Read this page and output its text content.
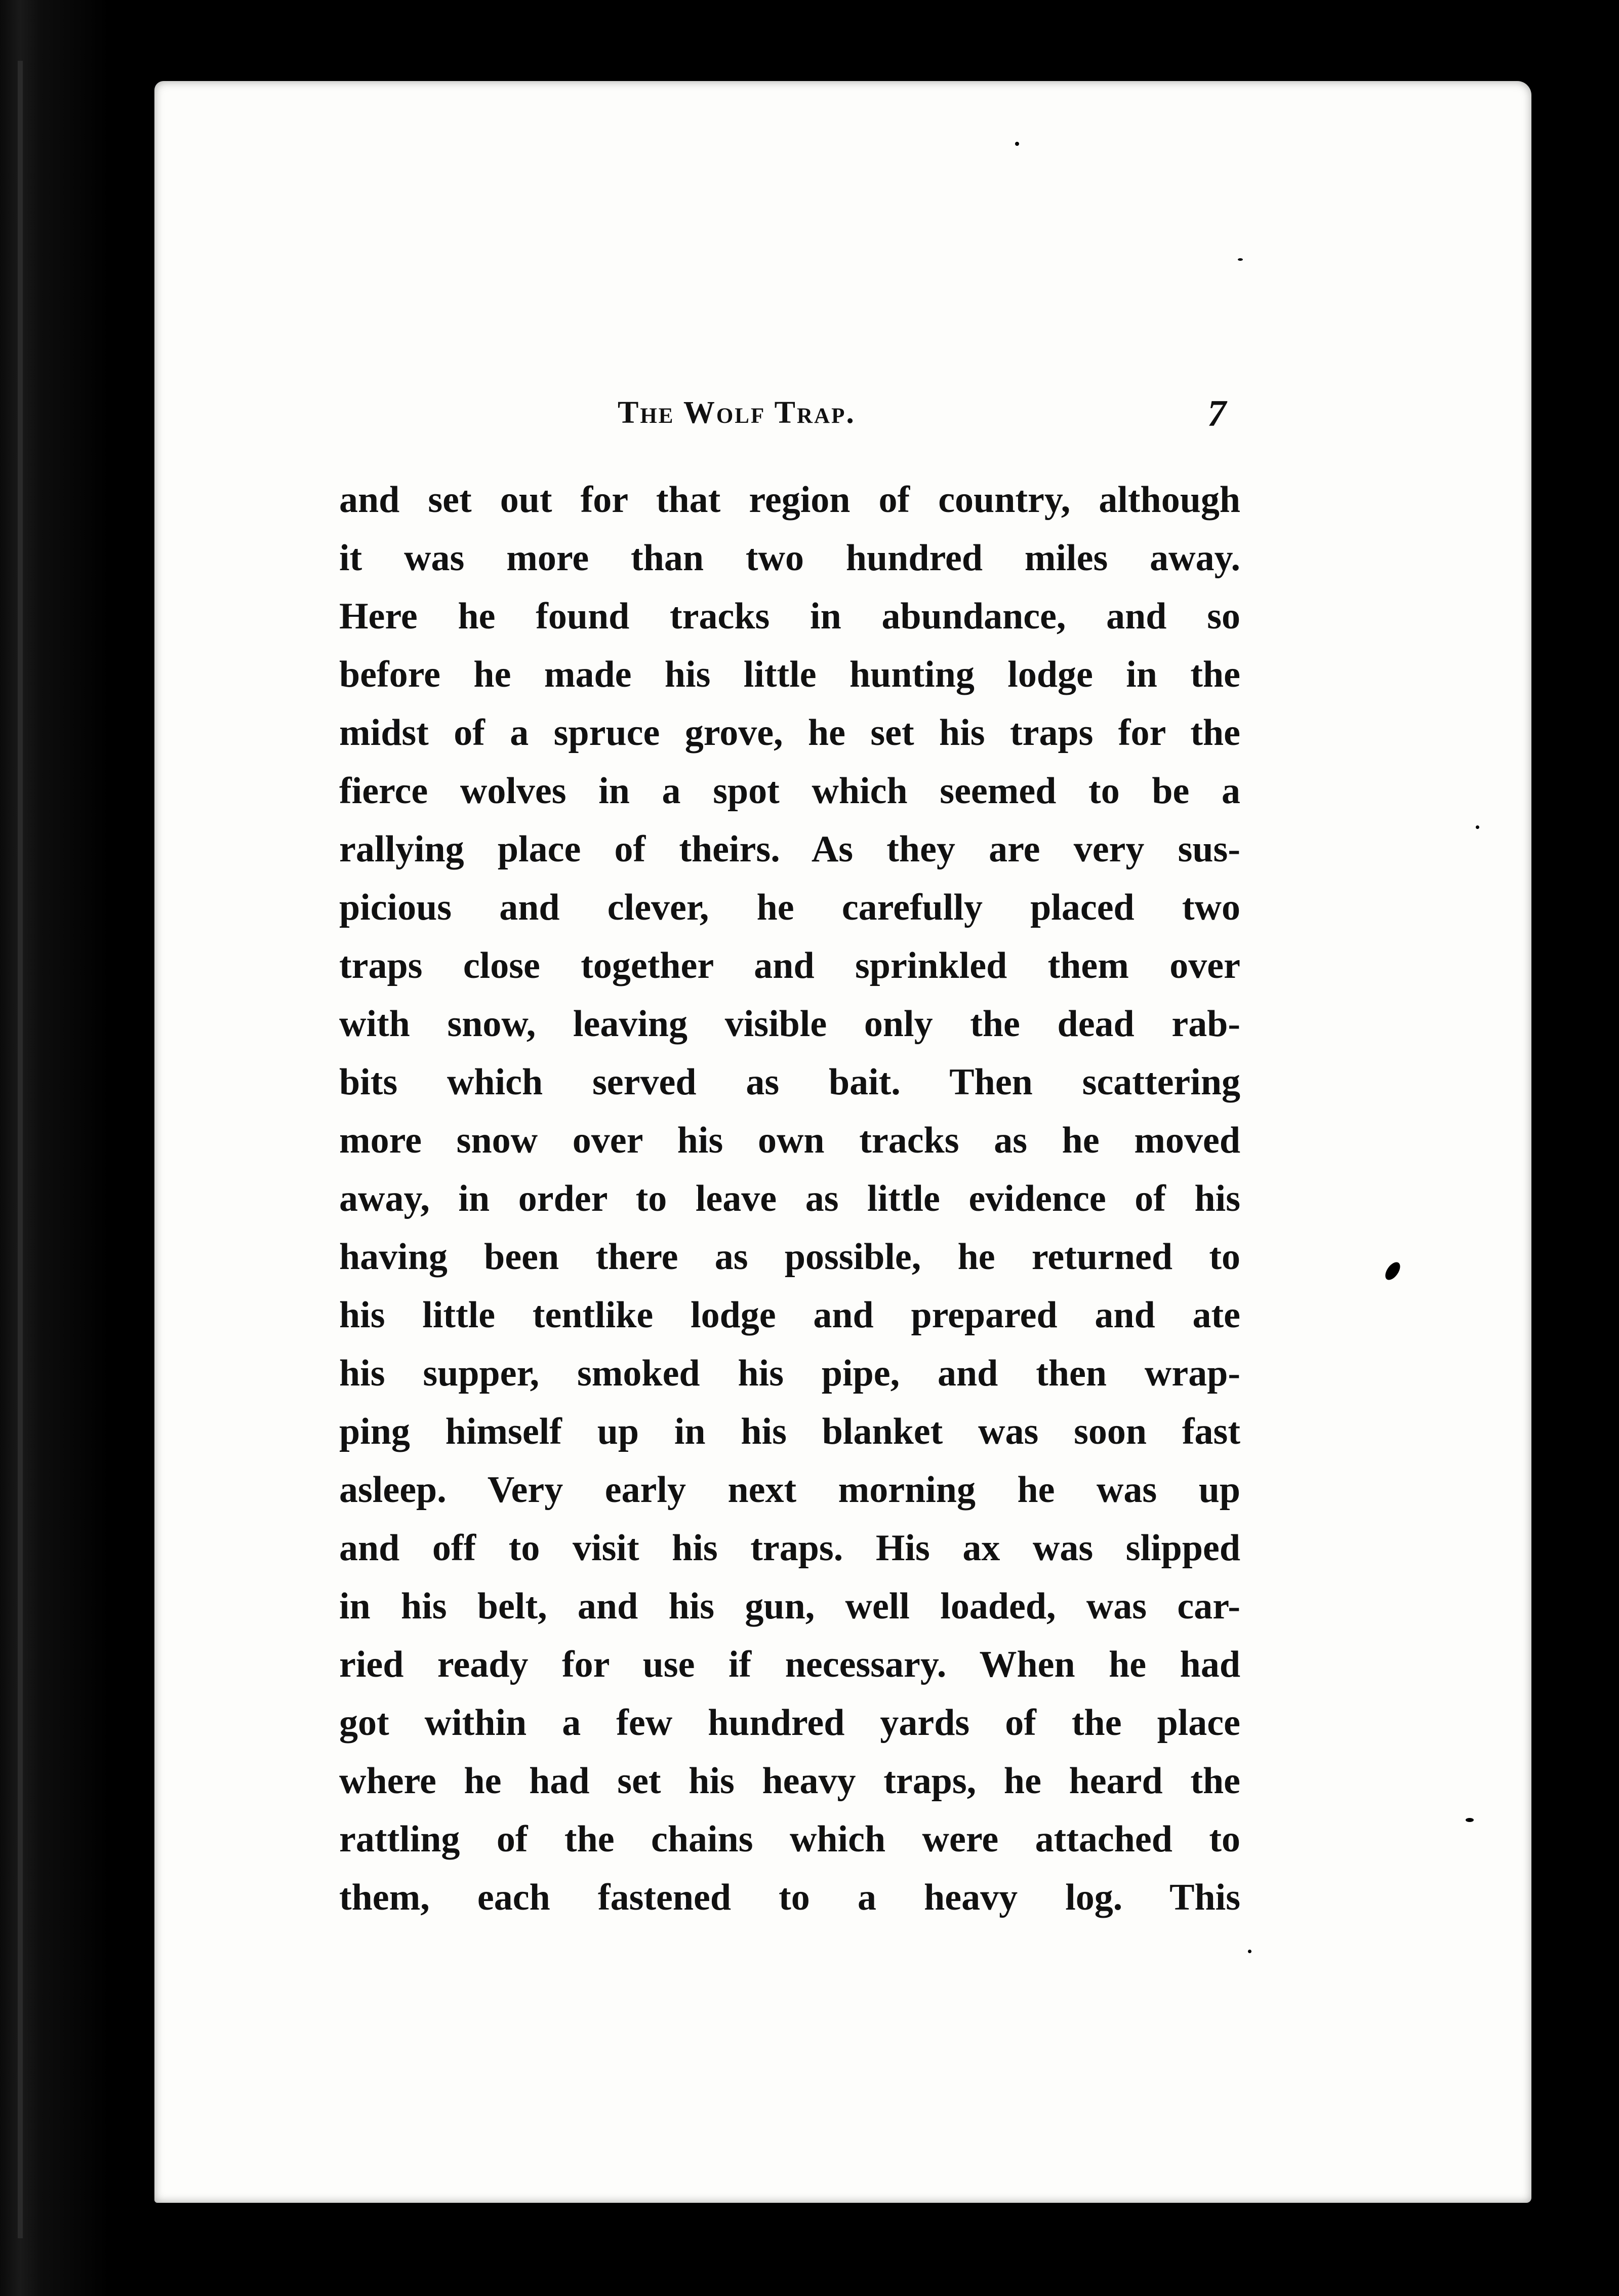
The Wolf Trap.	7
and set out for that region of country, although
it was more than two hundred miles away.
Here he found tracks in abundance, and so
before he made his little hunting lodge in the
midst of a spruce grove, he set his traps for the
fierce wolves in a spot which seemed to be a
rallying place of theirs. As they are very sus-
picious and clever, he carefully placed two
traps close together and sprinkled them over
with snow, leaving visible only the dead rab-
bits which served as bait. Then scattering
more snow over his own tracks as he moved
away, in order to leave as little evidence of his
having been there as possible, he returned to
his little tentlike lodge and prepared and ate
his supper, smoked his pipe, and then wrap-
ping himself up in his blanket was soon fast
asleep. Very early next morning he was up
and off to visit his traps. His ax was slipped
in his belt, and his gun, well loaded, was car-
ried ready for use if necessary. When he had
got within a few hundred yards of the place
where he had set his heavy traps, he heard the
rattling of the chains which were attached to
them, each fastened to a heavy log. This
